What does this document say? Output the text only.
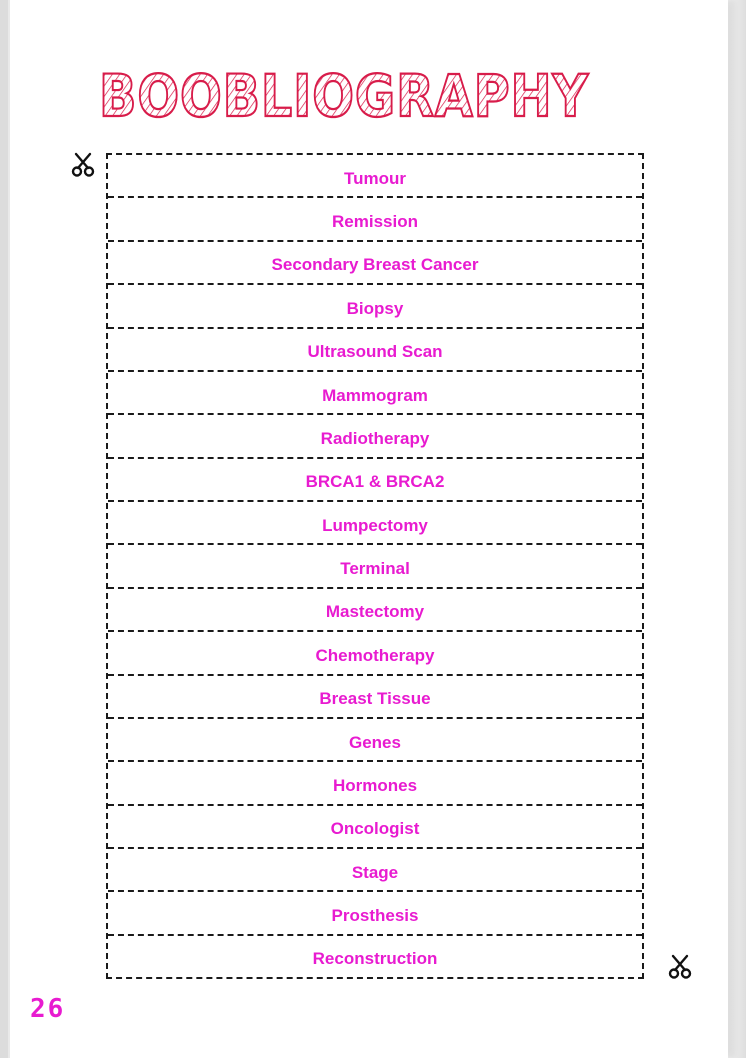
BOOBLIOGRAPHY
Tumour
Remission
Secondary Breast Cancer
Biopsy
Ultrasound Scan
Mammogram
Radiotherapy
BRCA1 & BRCA2
Lumpectomy
Terminal
Mastectomy
Chemotherapy
Breast Tissue
Genes
Hormones
Oncologist
Stage
Prosthesis
Reconstruction
26
